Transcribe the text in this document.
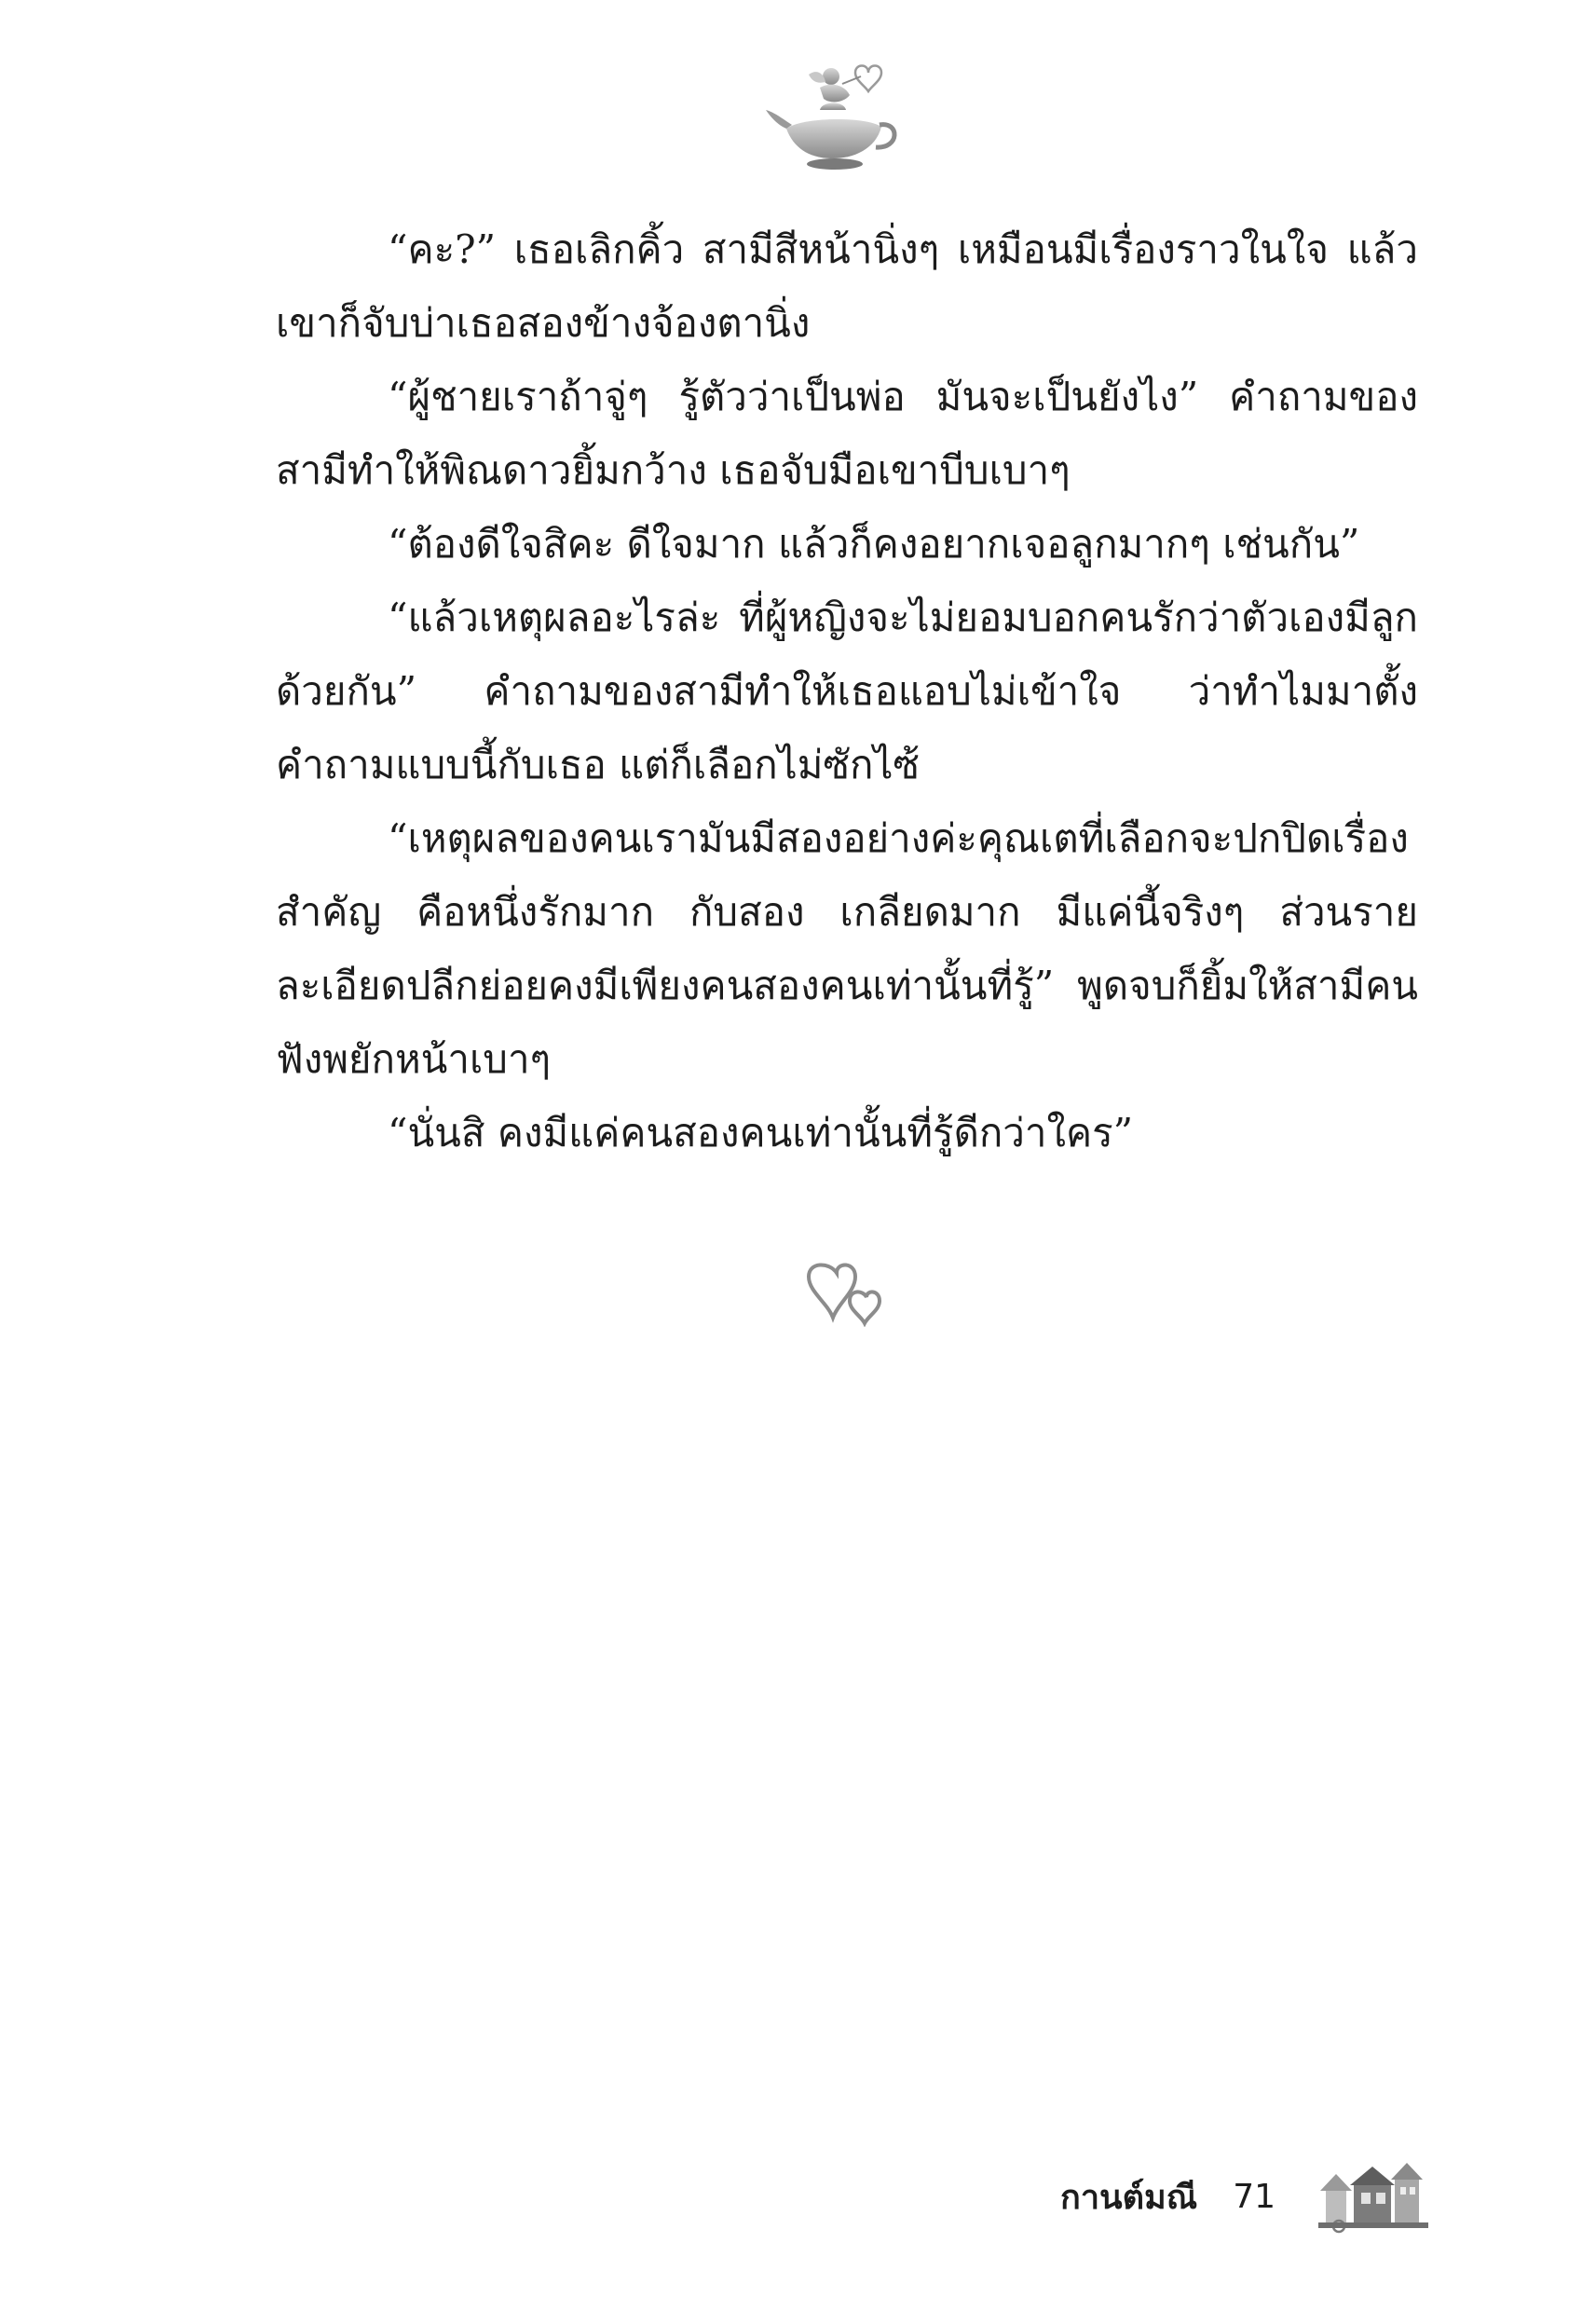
“คะ?” เธอเลิกคิ้ว สามีสีหน้านิ่งๆ เหมือนมีเรื่องราวในใจ แล้วเขาก็จับบ่าเธอสองข้างจ้องตานิ่ง

“ผู้ชายเราถ้าจู่ๆ รู้ตัวว่าเป็นพ่อ มันจะเป็นยังไง” คำถามของสามีทำให้พิณดาวยิ้มกว้าง เธอจับมือเขาบีบเบาๆ

“ต้องดีใจสิคะ ดีใจมาก แล้วก็คงอยากเจอลูกมากๆ เช่นกัน”

“แล้วเหตุผลอะไรล่ะ ที่ผู้หญิงจะไม่ยอมบอกคนรักว่าตัวเองมีลูกด้วยกัน” คำถามของสามีทำให้เธอแอบไม่เข้าใจ ว่าทำไมมาตั้งคำถามแบบนี้กับเธอ แต่ก็เลือกไม่ซักไซ้

“เหตุผลของคนเรามันมีสองอย่างค่ะคุณเตที่เลือกจะปกปิดเรื่องสำคัญ คือหนึ่งรักมาก กับสอง เกลียดมาก มีแค่นี้จริงๆ ส่วนรายละเอียดปลีกย่อยคงมีเพียงคนสองคนเท่านั้นที่รู้” พูดจบก็ยิ้มให้สามีคนฟังพยักหน้าเบาๆ

“นั่นสิ คงมีแค่คนสองคนเท่านั้นที่รู้ดีกว่าใคร”

กานต์มณี 71
